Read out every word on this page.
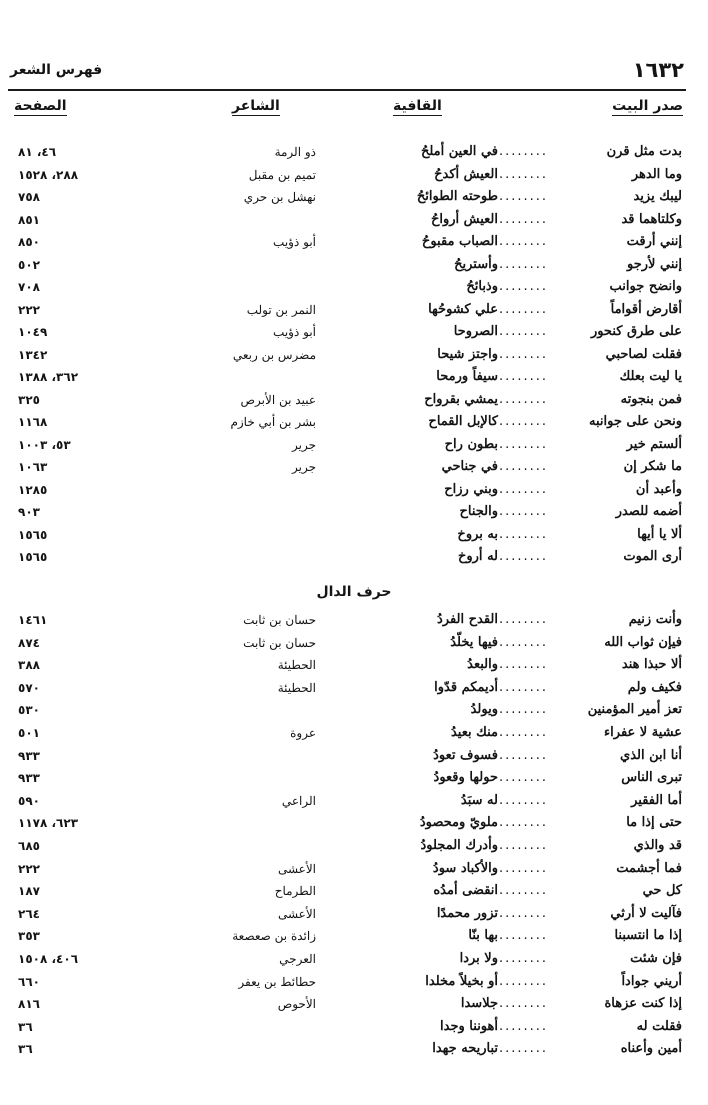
١٦٣٢
فهرس الشعر
صدر البيت
القافية
الشاعر
الصفحة
بدت مثل قرن
........
في العين أملحُ
ذو الرمة
٤٦، ٨١
وما الدهر
........
العيش أكدحُ
تميم بن مقبل
٢٨٨، ١٥٢٨
ليبك يزيد
........
طوحته الطوائحُ
نهشل بن حري
٧٥٨
وكلتاهما قد
........
العيش أرواحُ
٨٥١
إنني أرقت
........
الصباب مقبوحُ
أبو ذؤيب
٨٥٠
إنني لأرجو
........
وأستريحُ
٥٠٢
وانضح جوانب
........
وذبائحُ
٧٠٨
أقارض أقواماً
........
علي كشوحُها
النمر بن تولب
٢٢٢
على طرق كنحور
........
الصروحا
أبو ذؤيب
١٠٤٩
فقلت لصاحبي
........
واجتز شيحا
مضرس بن ربعي
١٣٤٢
يا ليت بعلك
........
سيفاً ورمحا
٣٦٢، ١٣٨٨
فمن بنجوته
........
يمشي بقرواح
عبيد بن الأبرص
٣٢٥
ونحن على جوانبه
........
كالإبل القماح
بشر بن أبي خازم
١١٦٨
ألستم خير
........
بطون راح
جرير
٥٣، ١٠٠٣
ما شكر إن
........
في جناحي
جرير
١٠٦٣
وأعبد أن
........
وبني رزاح
١٢٨٥
أضمه للصدر
........
والجناح
٩٠٣
ألا يا أيها
........
به بروخ
١٥٦٥
أرى الموت
........
له أروخ
١٥٦٥
حرف الدال
وأنت زنيم
........
القدح الفردُ
حسان بن ثابت
١٤٦١
فيإن ثواب الله
........
فيها يخلّدُ
حسان بن ثابت
٨٧٤
ألا حبذا هند
........
والبعدُ
الحطيئة
٣٨٨
فكيف ولم
........
أديمكم قدّوا
الحطيئة
٥٧٠
تعز أمير المؤمنين
........
ويولدُ
٥٣٠
عشية لا عفراء
........
منك بعيدُ
عروة
٥٠١
أنا ابن الذي
........
فسوف تعودُ
٩٣٣
تبرى الناس
........
حولها وقعودُ
٩٣٣
أما الفقير
........
له سبَدُ
الراعي
٥٩٠
حتى إذا ما
........
ملويّ ومحصودُ
٦٢٣، ١١٧٨
قد والذي
........
وأدرك المجلودُ
٦٨٥
فما أجشمت
........
والأكباد سودُ
الأعشى
٢٢٢
كل حي
........
انقضى أمدُه
الطرماح
١٨٧
فآليت لا أرثي
........
تزور محمدًا
الأعشى
٢٦٤
إذا ما انتسبنا
........
بها بنّا
زائدة بن صعصعة
٣٥٣
فإن شئت
........
ولا بردا
العرجي
٤٠٦، ١٥٠٨
أريني جواداً
........
أو بخيلاً مخلدا
حطائط بن يعفر
٦٦٠
إذا كنت عزهاة
........
جلاسدا
الأحوص
٨١٦
فقلت له
........
أهوننا وجدا
٣٦
أمين وأعناه
........
تباريحه جهدا
٣٦
